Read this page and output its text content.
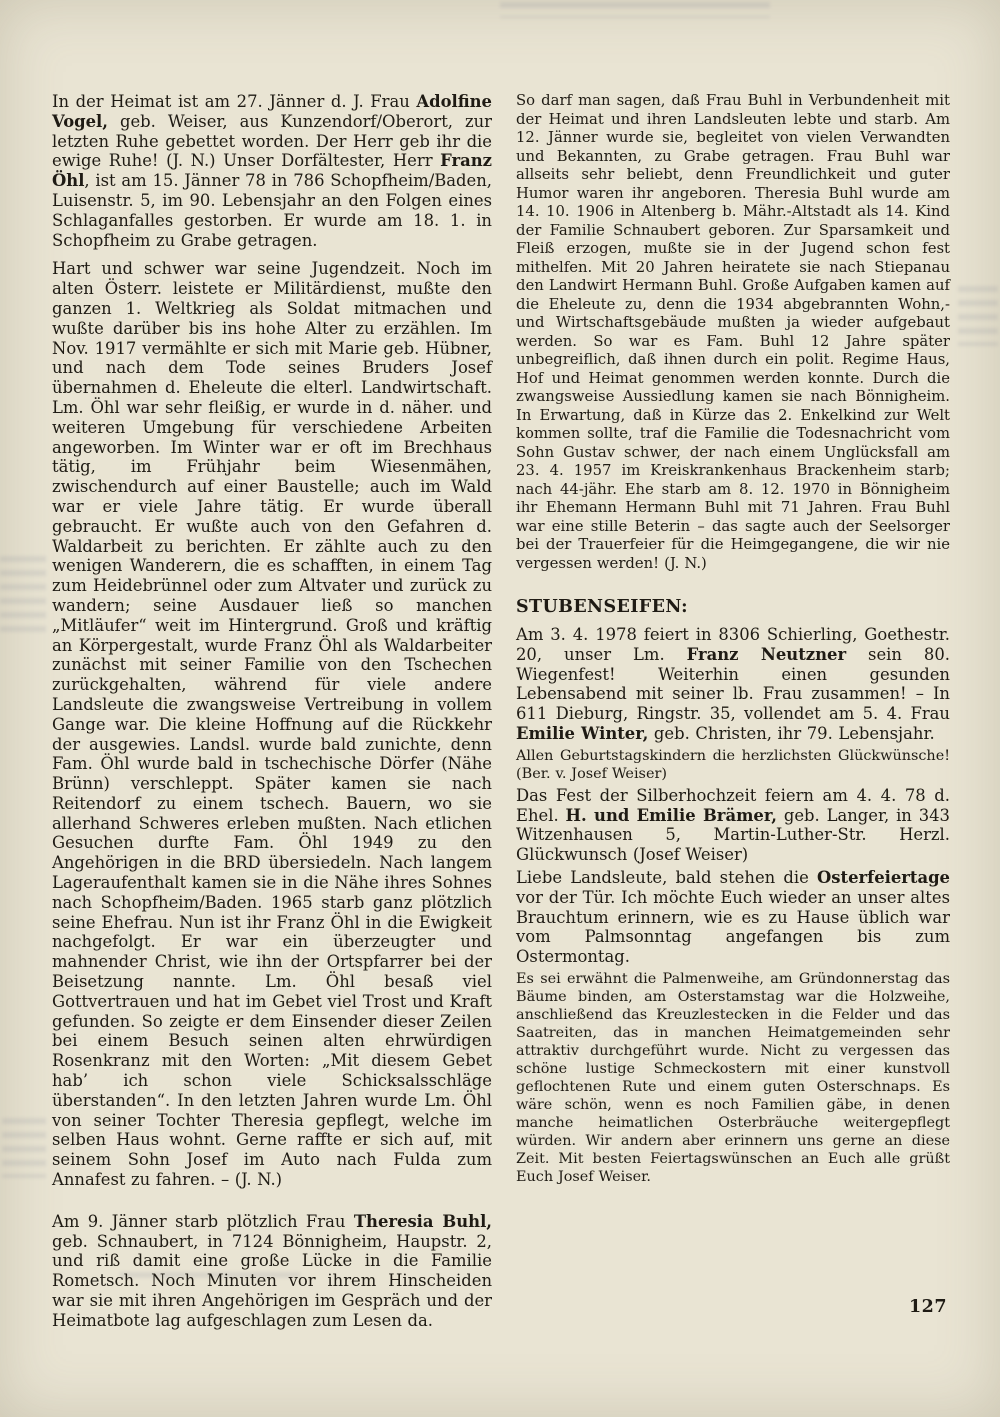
In der Heimat ist am 27. Jänner d. J. Frau Adolfine Vogel, geb. Weiser, aus Kunzendorf/Oberort, zur letzten Ruhe gebettet worden. Der Herr geb ihr die ewige Ruhe! (J. N.) Unser Dorfältester, Herr Franz Öhl, ist am 15. Jänner 78 in 786 Schopfheim/Baden, Luisenstr. 5, im 90. Lebensjahr an den Folgen eines Schlaganfalles gestorben. Er wurde am 18. 1. in Schopfheim zu Grabe getragen.

Hart und schwer war seine Jugendzeit. Noch im alten Österr. leistete er Militärdienst, mußte den ganzen 1. Weltkrieg als Soldat mitmachen und wußte darüber bis ins hohe Alter zu erzählen. Im Nov. 1917 vermählte er sich mit Marie geb. Hübner, und nach dem Tode seines Bruders Josef übernahmen d. Eheleute die elterl. Landwirtschaft. Lm. Öhl war sehr fleißig, er wurde in d. näher. und weiteren Umgebung für verschiedene Arbeiten angeworben. Im Winter war er oft im Brechhaus tätig, im Frühjahr beim Wiesenmähen, zwischendurch auf einer Baustelle; auch im Wald war er viele Jahre tätig. Er wurde überall gebraucht. Er wußte auch von den Gefahren d. Waldarbeit zu berichten. Er zählte auch zu den wenigen Wanderern, die es schafften, in einem Tag zum Heidebrünnel oder zum Altvater und zurück zu wandern; seine Ausdauer ließ so manchen „Mitläufer“ weit im Hintergrund. Groß und kräftig an Körpergestalt, wurde Franz Öhl als Waldarbeiter zunächst mit seiner Familie von den Tschechen zurückgehalten, während für viele andere Landsleute die zwangsweise Vertreibung in vollem Gange war. Die kleine Hoffnung auf die Rückkehr der ausgewies. Landsl. wurde bald zunichte, denn Fam. Öhl wurde bald in tschechische Dörfer (Nähe Brünn) verschleppt. Später kamen sie nach Reitendorf zu einem tschech. Bauern, wo sie allerhand Schweres erleben mußten. Nach etlichen Gesuchen durfte Fam. Öhl 1949 zu den Angehörigen in die BRD übersiedeln. Nach langem Lageraufenthalt kamen sie in die Nähe ihres Sohnes nach Schopfheim/Baden. 1965 starb ganz plötzlich seine Ehefrau. Nun ist ihr Franz Öhl in die Ewigkeit nachgefolgt. Er war ein überzeugter und mahnender Christ, wie ihn der Ortspfarrer bei der Beisetzung nannte. Lm. Öhl besaß viel Gottvertrauen und hat im Gebet viel Trost und Kraft gefunden. So zeigte er dem Einsender dieser Zeilen bei einem Besuch seinen alten ehrwürdigen Rosenkranz mit den Worten: „Mit diesem Gebet hab’ ich schon viele Schicksalsschläge überstanden“. In den letzten Jahren wurde Lm. Öhl von seiner Tochter Theresia gepflegt, welche im selben Haus wohnt. Gerne raffte er sich auf, mit seinem Sohn Josef im Auto nach Fulda zum Annafest zu fahren. – (J. N.)

Am 9. Jänner starb plötzlich Frau Theresia Buhl, geb. Schnaubert, in 7124 Bönnigheim, Haupstr. 2, und riß damit eine große Lücke in die Familie Rometsch. Noch Minuten vor ihrem Hinscheiden war sie mit ihren Angehörigen im Gespräch und der Heimatbote lag aufgeschlagen zum Lesen da.

So darf man sagen, daß Frau Buhl in Verbundenheit mit der Heimat und ihren Landsleuten lebte und starb. Am 12. Jänner wurde sie, begleitet von vielen Verwandten und Bekannten, zu Grabe getragen. Frau Buhl war allseits sehr beliebt, denn Freundlichkeit und guter Humor waren ihr angeboren. Theresia Buhl wurde am 14. 10. 1906 in Altenberg b. Mähr.-Altstadt als 14. Kind der Familie Schnaubert geboren. Zur Sparsamkeit und Fleiß erzogen, mußte sie in der Jugend schon fest mithelfen. Mit 20 Jahren heiratete sie nach Stiepanau den Landwirt Hermann Buhl. Große Aufgaben kamen auf die Eheleute zu, denn die 1934 abgebrannten Wohn,- und Wirtschaftsgebäude mußten ja wieder aufgebaut werden. So war es Fam. Buhl 12 Jahre später unbegreiflich, daß ihnen durch ein polit. Regime Haus, Hof und Heimat genommen werden konnte. Durch die zwangsweise Aussiedlung kamen sie nach Bönnigheim. In Erwartung, daß in Kürze das 2. Enkelkind zur Welt kommen sollte, traf die Familie die Todesnachricht vom Sohn Gustav schwer, der nach einem Unglücksfall am 23. 4. 1957 im Kreiskrankenhaus Brackenheim starb; nach 44-jähr. Ehe starb am 8. 12. 1970 in Bönnigheim ihr Ehemann Hermann Buhl mit 71 Jahren. Frau Buhl war eine stille Beterin – das sagte auch der Seelsorger bei der Trauerfeier für die Heimgegangene, die wir nie vergessen werden! (J. N.)

STUBENSEIFEN:

Am 3. 4. 1978 feiert in 8306 Schierling, Goethestr. 20, unser Lm. Franz Neutzner sein 80. Wiegenfest! Weiterhin einen gesunden Lebensabend mit seiner lb. Frau zusammen! – In 611 Dieburg, Ringstr. 35, vollendet am 5. 4. Frau Emilie Winter, geb. Christen, ihr 79. Lebensjahr.

Allen Geburtstagskindern die herzlichsten Glückwünsche! (Ber. v. Josef Weiser)

Das Fest der Silberhochzeit feiern am 4. 4. 78 d. Ehel. H. und Emilie Brämer, geb. Langer, in 343 Witzenhausen 5, Martin-Luther-Str. Herzl. Glückwunsch (Josef Weiser)

Liebe Landsleute, bald stehen die Osterfeiertage vor der Tür. Ich möchte Euch wieder an unser altes Brauchtum erinnern, wie es zu Hause üblich war vom Palmsonntag angefangen bis zum Ostermontag.

Es sei erwähnt die Palmenweihe, am Gründonnerstag das Bäume binden, am Osterstamstag war die Holzweihe, anschließend das Kreuzlestecken in die Felder und das Saatreiten, das in manchen Heimatgemeinden sehr attraktiv durchgeführt wurde. Nicht zu vergessen das schöne lustige Schmeckostern mit einer kunstvoll geflochtenen Rute und einem guten Osterschnaps. Es wäre schön, wenn es noch Familien gäbe, in denen manche heimatlichen Osterbräuche weitergepflegt würden. Wir andern aber erinnern uns gerne an diese Zeit. Mit besten Feiertagswünschen an Euch alle grüßt Euch Josef Weiser.

127
